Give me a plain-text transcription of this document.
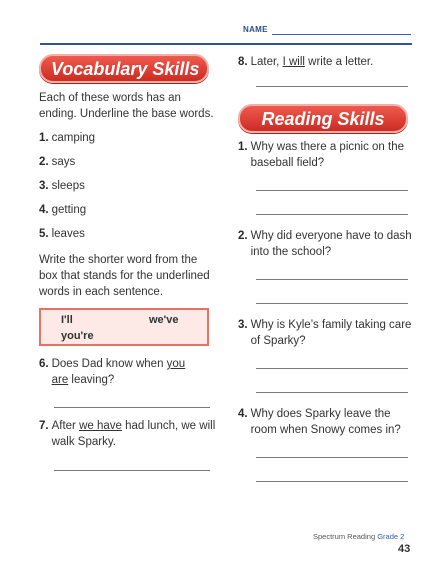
NAME
Vocabulary Skills
Each of these words has an ending. Underline the base words.
1. camping
2. says
3. sleeps
4. getting
5. leaves
Write the shorter word from the box that stands for the underlined words in each sentence.
I'll	we've
you're
6. Does Dad know when you
are leaving?
7. After we have had lunch, we will walk Sparky.
8. Later, I will write a letter.
Reading Skills
1. Why was there a picnic on the baseball field?
2. Why did everyone have to dash into the school?
3. Why is Kyle’s family taking care of Sparky?
4. Why does Sparky leave the room when Snowy comes in?
Spectrum Reading Grade 2
43
